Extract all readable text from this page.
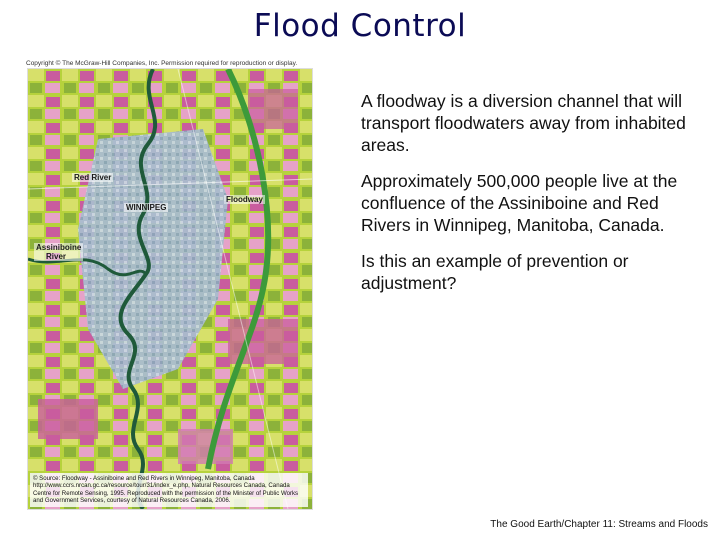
Flood Control
Copyright © The McGraw-Hill Companies, Inc. Permission required for reproduction or display.
Red River
WINNIPEG
Floodway
Assiniboine
River
© Source: Floodway - Assiniboine and Red Rivers in Winnipeg, Manitoba, Canada http://www.ccrs.nrcan.gc.ca/resource/tour/31/index_e.php, Natural Resources Canada, Canada Centre for Remote Sensing, 1995. Reproduced with the permission of the Minister of Public Works and Government Services, courtesy of Natural Resources Canada, 2006.

A floodway is a diversion channel that will transport floodwaters away from inhabited areas.

Approximately 500,000 people live at the confluence of the Assiniboine and Red Rivers in Winnipeg, Manitoba, Canada.

Is this an example of prevention or adjustment?

The Good Earth/Chapter 11: Streams and Floods
